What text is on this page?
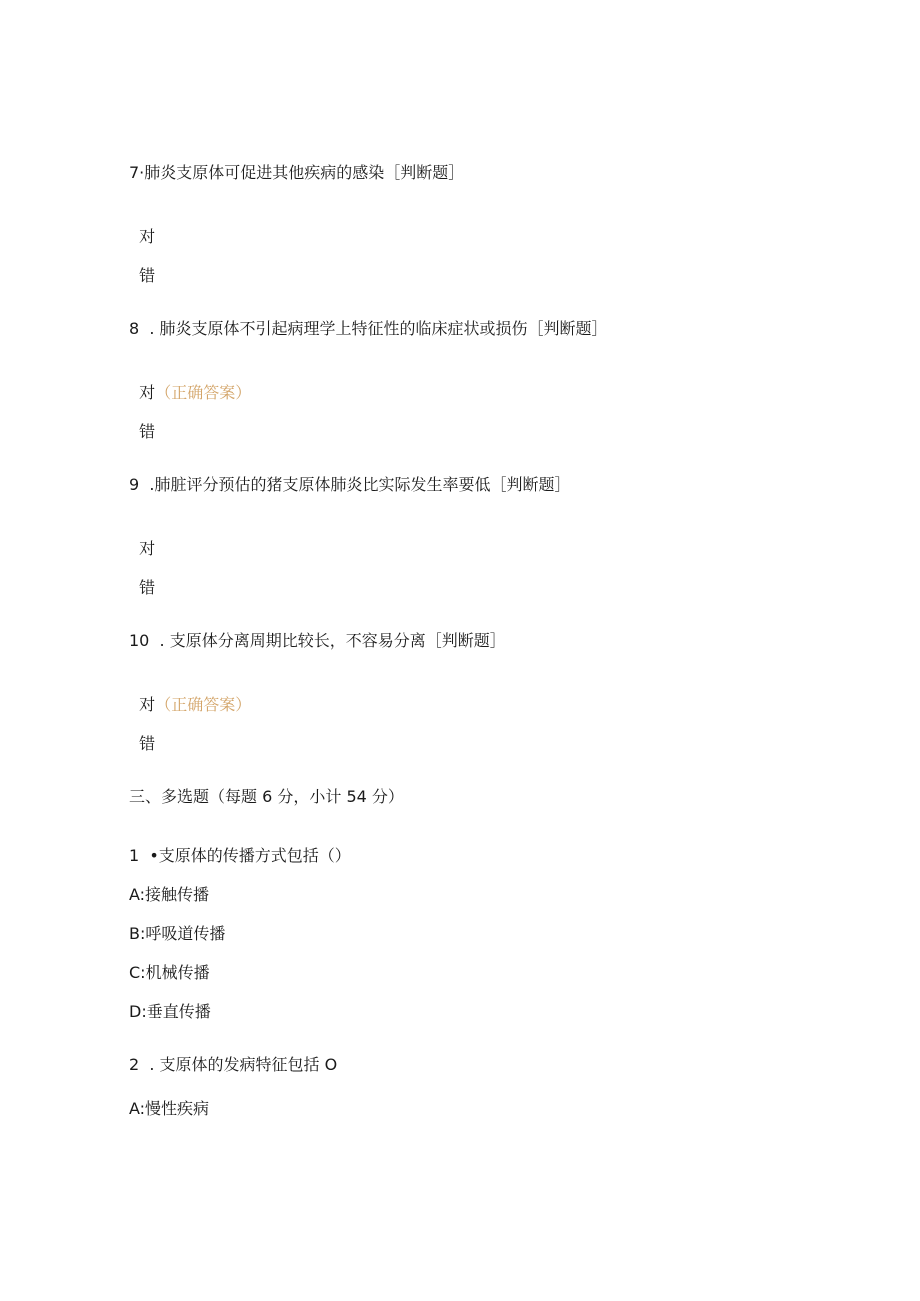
7·肺炎支原体可促进其他疾病的感染［判断题］

对

错

8  . 肺炎支原体不引起病理学上特征性的临床症状或损伤［判断题］

对（正确答案）

错

9  .肺脏评分预估的猪支原体肺炎比实际发生率要低［判断题］

对

错

10  . 支原体分离周期比较长，不容易分离［判断题］

对（正确答案）

错

三、多选题（每题 6 分，小计 54 分）
1  •支原体的传播方式包括（）
A:接触传播
B:呼吸道传播
C:机械传播
D:垂直传播
2  . 支原体的发病特征包括 O
A:慢性疾病
